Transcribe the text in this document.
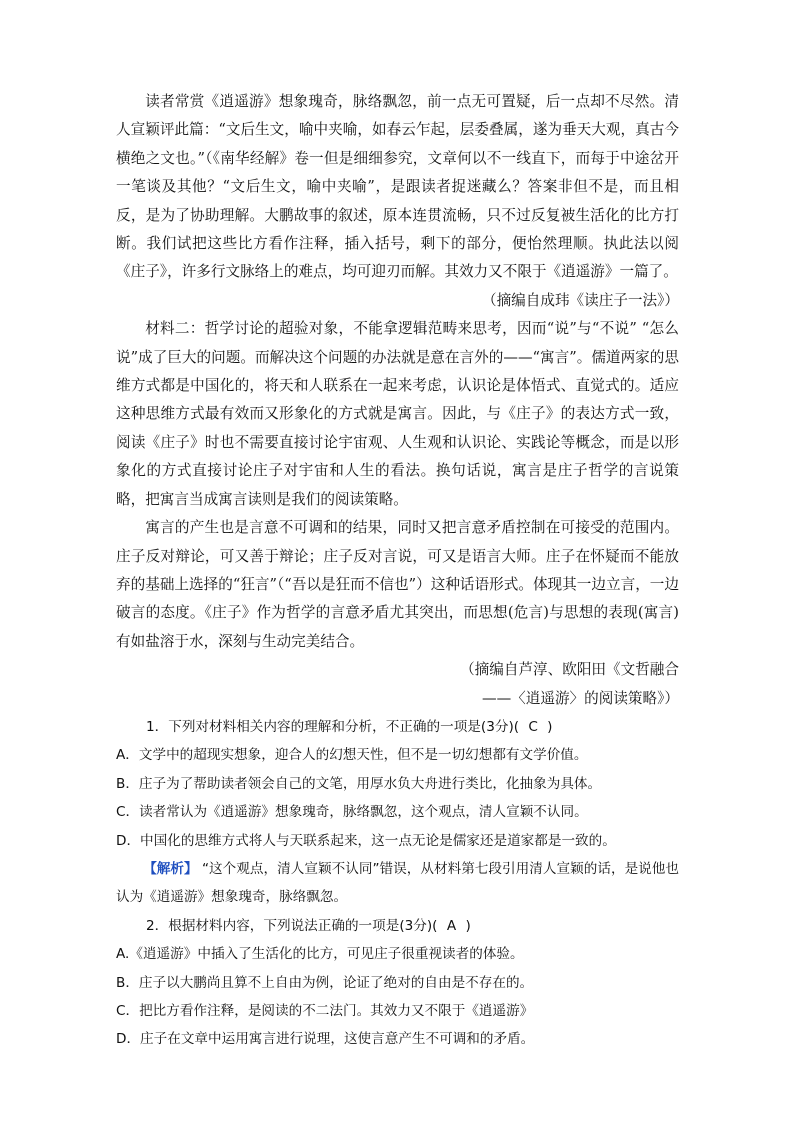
读者常赏《逍遥游》想象瑰奇，脉络飘忽，前一点无可置疑，后一点却不尽然。清人宣颖评此篇：“文后生文，喻中夹喻，如春云乍起，层委叠属，遂为垂天大观，真古今横绝之文也。”（《南华经解》卷一但是细细参究，文章何以不一线直下，而每于中途岔开一笔谈及其他？“文后生文，喻中夹喻”，是跟读者捉迷藏么？答案非但不是，而且相反，是为了协助理解。大鹏故事的叙述，原本连贯流畅，只不过反复被生活化的比方打断。我们试把这些比方看作注释，插入括号，剩下的部分，便怡然理顺。执此法以阅《庄子》，许多行文脉络上的难点，均可迎刃而解。其效力又不限于《逍遥游》一篇了。

（摘编自成玮《读庄子一法》）

材料二：哲学讨论的超验对象，不能拿逻辑范畴来思考，因而“说”与“不说” “怎么说”成了巨大的问题。而解决这个问题的办法就是意在言外的——“寓言”。儒道两家的思维方式都是中国化的，将天和人联系在一起来考虑，认识论是体悟式、直觉式的。适应这种思维方式最有效而又形象化的方式就是寓言。因此，与《庄子》的表达方式一致，阅读《庄子》时也不需要直接讨论宇宙观、人生观和认识论、实践论等概念，而是以形象化的方式直接讨论庄子对宇宙和人生的看法。换句话说，寓言是庄子哲学的言说策略，把寓言当成寓言读则是我们的阅读策略。

寓言的产生也是言意不可调和的结果，同时又把言意矛盾控制在可接受的范围内。庄子反对辩论，可又善于辩论；庄子反对言说，可又是语言大师。庄子在怀疑而不能放弃的基础上选择的“狂言”（“吾以是狂而不信也”）这种话语形式。体现其一边立言，一边破言的态度。《庄子》作为哲学的言意矛盾尤其突出，而思想(危言)与思想的表现(寓言)有如盐溶于水，深刻与生动完美结合。

（摘编自芦淳、欧阳田《文哲融合

——〈逍遥游〉的阅读策略》）

1．下列对材料相关内容的理解和分析，不正确的一项是(3分)( C )

A．文学中的超现实想象，迎合人的幻想天性，但不是一切幻想都有文学价值。

B．庄子为了帮助读者领会自己的文笔，用厚水负大舟进行类比，化抽象为具体。

C．读者常认为《逍遥游》想象瑰奇，脉络飘忽，这个观点，清人宣颖不认同。

D．中国化的思维方式将人与天联系起来，这一点无论是儒家还是道家都是一致的。

【解析】 “这个观点，清人宣颖不认同”错误，从材料第七段引用清人宣颖的话，是说他也认为《逍遥游》想象瑰奇，脉络飘忽。

2．根据材料内容，下列说法正确的一项是(3分)( A )

A.《逍遥游》中插入了生活化的比方，可见庄子很重视读者的体验。

B．庄子以大鹏尚且算不上自由为例，论证了绝对的自由是不存在的。

C．把比方看作注释，是阅读的不二法门。其效力又不限于《逍遥游》

D．庄子在文章中运用寓言进行说理，这使言意产生不可调和的矛盾。
